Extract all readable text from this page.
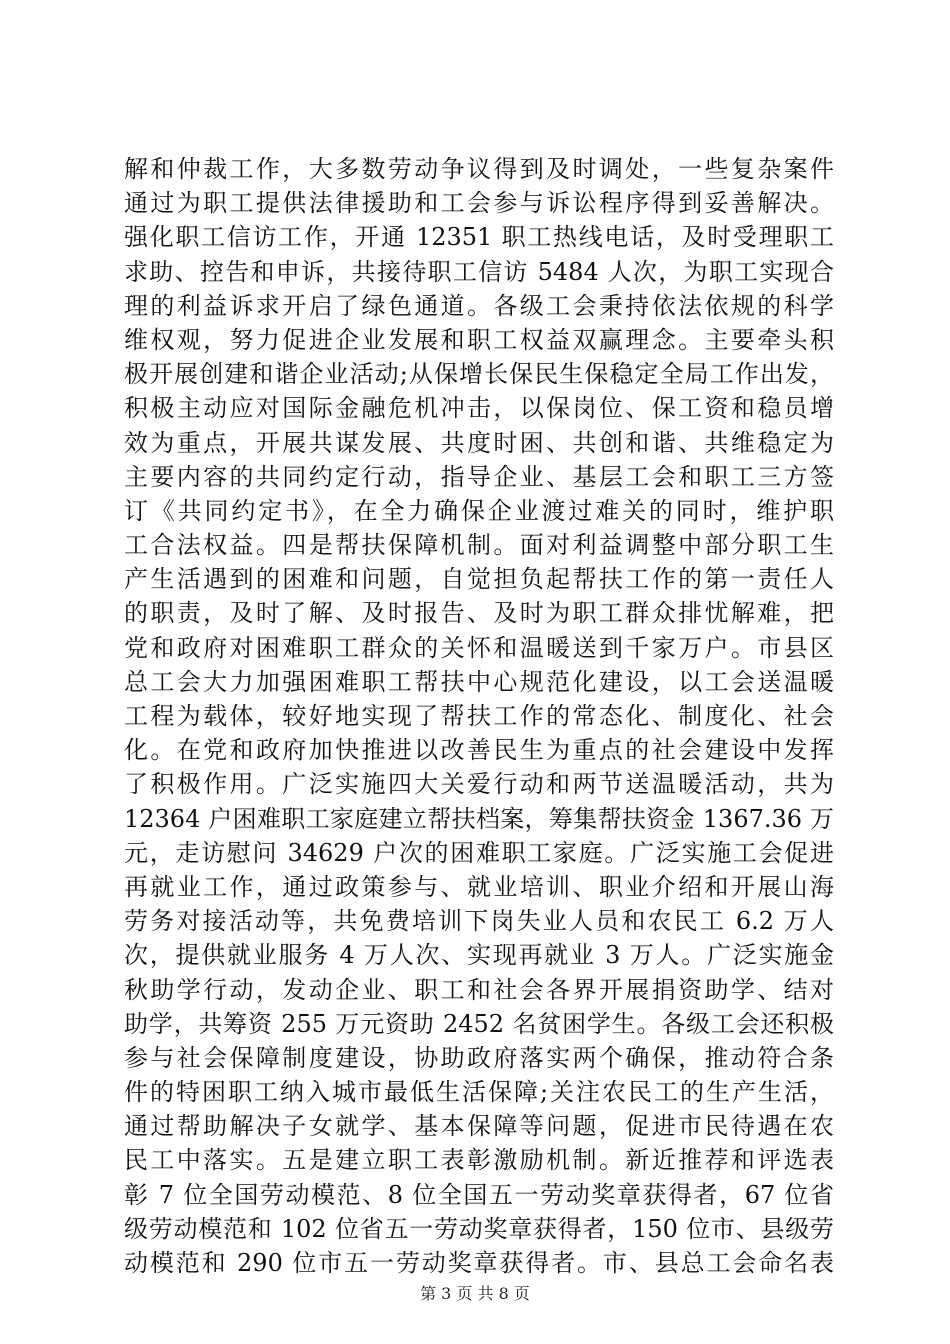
解和仲裁工作，大多数劳动争议得到及时调处，一些复杂案件
通过为职工提供法律援助和工会参与诉讼程序得到妥善解决。
强化职工信访工作，开通 12351 职工热线电话，及时受理职工
求助、控告和申诉，共接待职工信访 5484 人次，为职工实现合
理的利益诉求开启了绿色通道。各级工会秉持依法依规的科学
维权观，努力促进企业发展和职工权益双赢理念。主要牵头积
极开展创建和谐企业活动;从保增长保民生保稳定全局工作出发，
积极主动应对国际金融危机冲击，以保岗位、保工资和稳员增
效为重点，开展共谋发展、共度时困、共创和谐、共维稳定为
主要内容的共同约定行动，指导企业、基层工会和职工三方签
订《共同约定书》，在全力确保企业渡过难关的同时，维护职
工合法权益。四是帮扶保障机制。面对利益调整中部分职工生
产生活遇到的困难和问题，自觉担负起帮扶工作的第一责任人
的职责，及时了解、及时报告、及时为职工群众排忧解难，把
党和政府对困难职工群众的关怀和温暖送到千家万户。市县区
总工会大力加强困难职工帮扶中心规范化建设，以工会送温暖
工程为载体，较好地实现了帮扶工作的常态化、制度化、社会
化。在党和政府加快推进以改善民生为重点的社会建设中发挥
了积极作用。广泛实施四大关爱行动和两节送温暖活动，共为
12364 户困难职工家庭建立帮扶档案，筹集帮扶资金 1367.36 万
元，走访慰问 34629 户次的困难职工家庭。广泛实施工会促进
再就业工作，通过政策参与、就业培训、职业介绍和开展山海
劳务对接活动等，共免费培训下岗失业人员和农民工 6.2 万人
次，提供就业服务 4 万人次、实现再就业 3 万人。广泛实施金
秋助学行动，发动企业、职工和社会各界开展捐资助学、结对
助学，共筹资 255 万元资助 2452 名贫困学生。各级工会还积极
参与社会保障制度建设，协助政府落实两个确保，推动符合条
件的特困职工纳入城市最低生活保障;关注农民工的生产生活，
通过帮助解决子女就学、基本保障等问题，促进市民待遇在农
民工中落实。五是建立职工表彰激励机制。新近推荐和评选表
彰 7 位全国劳动模范、8 位全国五一劳动奖章获得者，67 位省
级劳动模范和 102 位省五一劳动奖章获得者，150 位市、县级劳
动模范和 290 位市五一劳动奖章获得者。市、县总工会命名表
第 3 页 共 8 页
